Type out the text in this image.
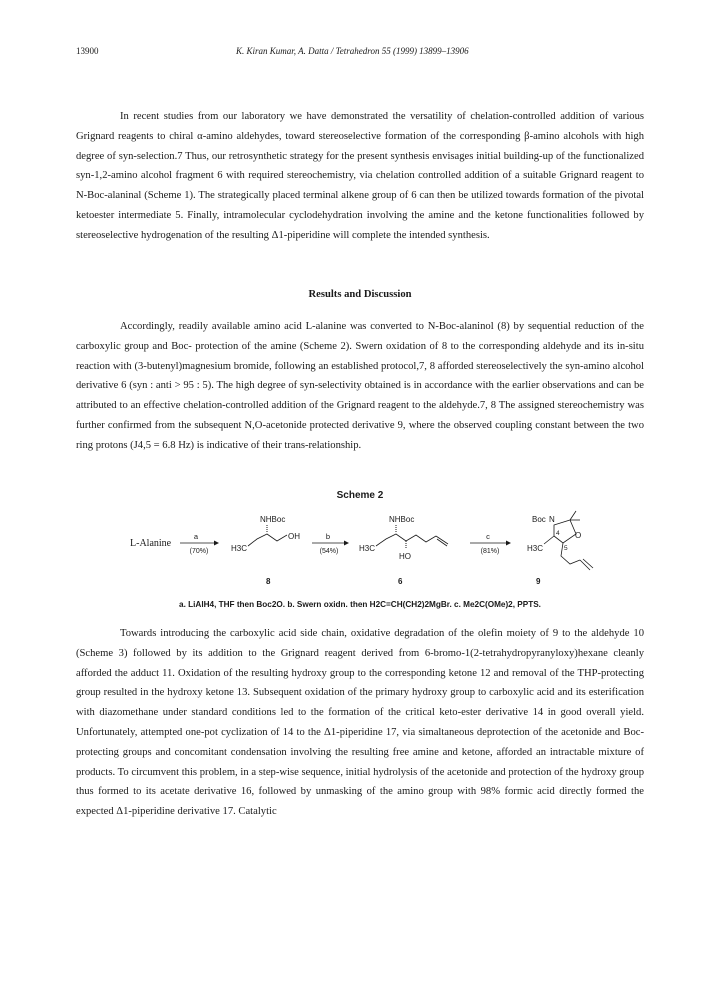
13900	K. Kiran Kumar, A. Datta / Tetrahedron 55 (1999) 13899–13906
In recent studies from our laboratory we have demonstrated the versatility of chelation-controlled addition of various Grignard reagents to chiral α-amino aldehydes, toward stereoselective formation of the corresponding β-amino alcohols with high degree of syn-selection.7 Thus, our retrosynthetic strategy for the present synthesis envisages initial building-up of the functionalized syn-1,2-amino alcohol fragment 6 with required stereochemistry, via chelation controlled addition of a suitable Grignard reagent to N-Boc-alaninal (Scheme 1). The strategically placed terminal alkene group of 6 can then be utilized towards formation of the pivotal ketoester intermediate 5. Finally, intramolecular cyclodehydration involving the amine and the ketone functionalities followed by stereoselective hydrogenation of the resulting Δ1-piperidine will complete the intended synthesis.
Results and Discussion
Accordingly, readily available amino acid L-alanine was converted to N-Boc-alaninol (8) by sequential reduction of the carboxylic group and Boc- protection of the amine (Scheme 2). Swern oxidation of 8 to the corresponding aldehyde and its in-situ reaction with (3-butenyl)magnesium bromide, following an established protocol,7, 8 afforded stereoselectively the syn-amino alcohol derivative 6 (syn : anti > 95 : 5). The high degree of syn-selectivity obtained is in accordance with the earlier observations and can be attributed to an effective chelation-controlled addition of the Grignard reagent to the aldehyde.7, 8 The assigned stereochemistry was further confirmed from the subsequent N,O-acetonide protected derivative 9, where the observed coupling constant between the two ring protons (J4,5 = 6.8 Hz) is indicative of their trans-relationship.
Scheme 2
L-Alanine
a
(70%)
NHBoc
H3C
OH
8
b
(54%)
NHBoc
H3C
HO
6
c
(81%)
Boc N
H3C
O
4
5
9
a. LiAlH4, THF then Boc2O. b. Swern oxidn. then H2C=CH(CH2)2MgBr. c. Me2C(OMe)2, PPTS.
Towards introducing the carboxylic acid side chain, oxidative degradation of the olefin moiety of 9 to the aldehyde 10 (Scheme 3) followed by its addition to the Grignard reagent derived from 6-bromo-1(2-tetrahydropyranyloxy)hexane cleanly afforded the adduct 11. Oxidation of the resulting hydroxy group to the corresponding ketone 12 and removal of the THP-protecting group resulted in the hydroxy ketone 13. Subsequent oxidation of the primary hydroxy group to carboxylic acid and its esterification with diazomethane under standard conditions led to the formation of the critical keto-ester derivative 14 in good overall yield. Unfortunately, attempted one-pot cyclization of 14 to the Δ1-piperidine 17, via simaltaneous deprotection of the acetonide and Boc- protecting groups and concomitant condensation involving the resulting free amine and ketone, afforded an intractable mixture of products. To circumvent this problem, in a step-wise sequence, initial hydrolysis of the acetonide and protection of the hydroxy group thus formed to its acetate derivative 16, followed by unmasking of the amino group with 98% formic acid directly formed the expected Δ1-piperidine derivative 17. Catalytic
